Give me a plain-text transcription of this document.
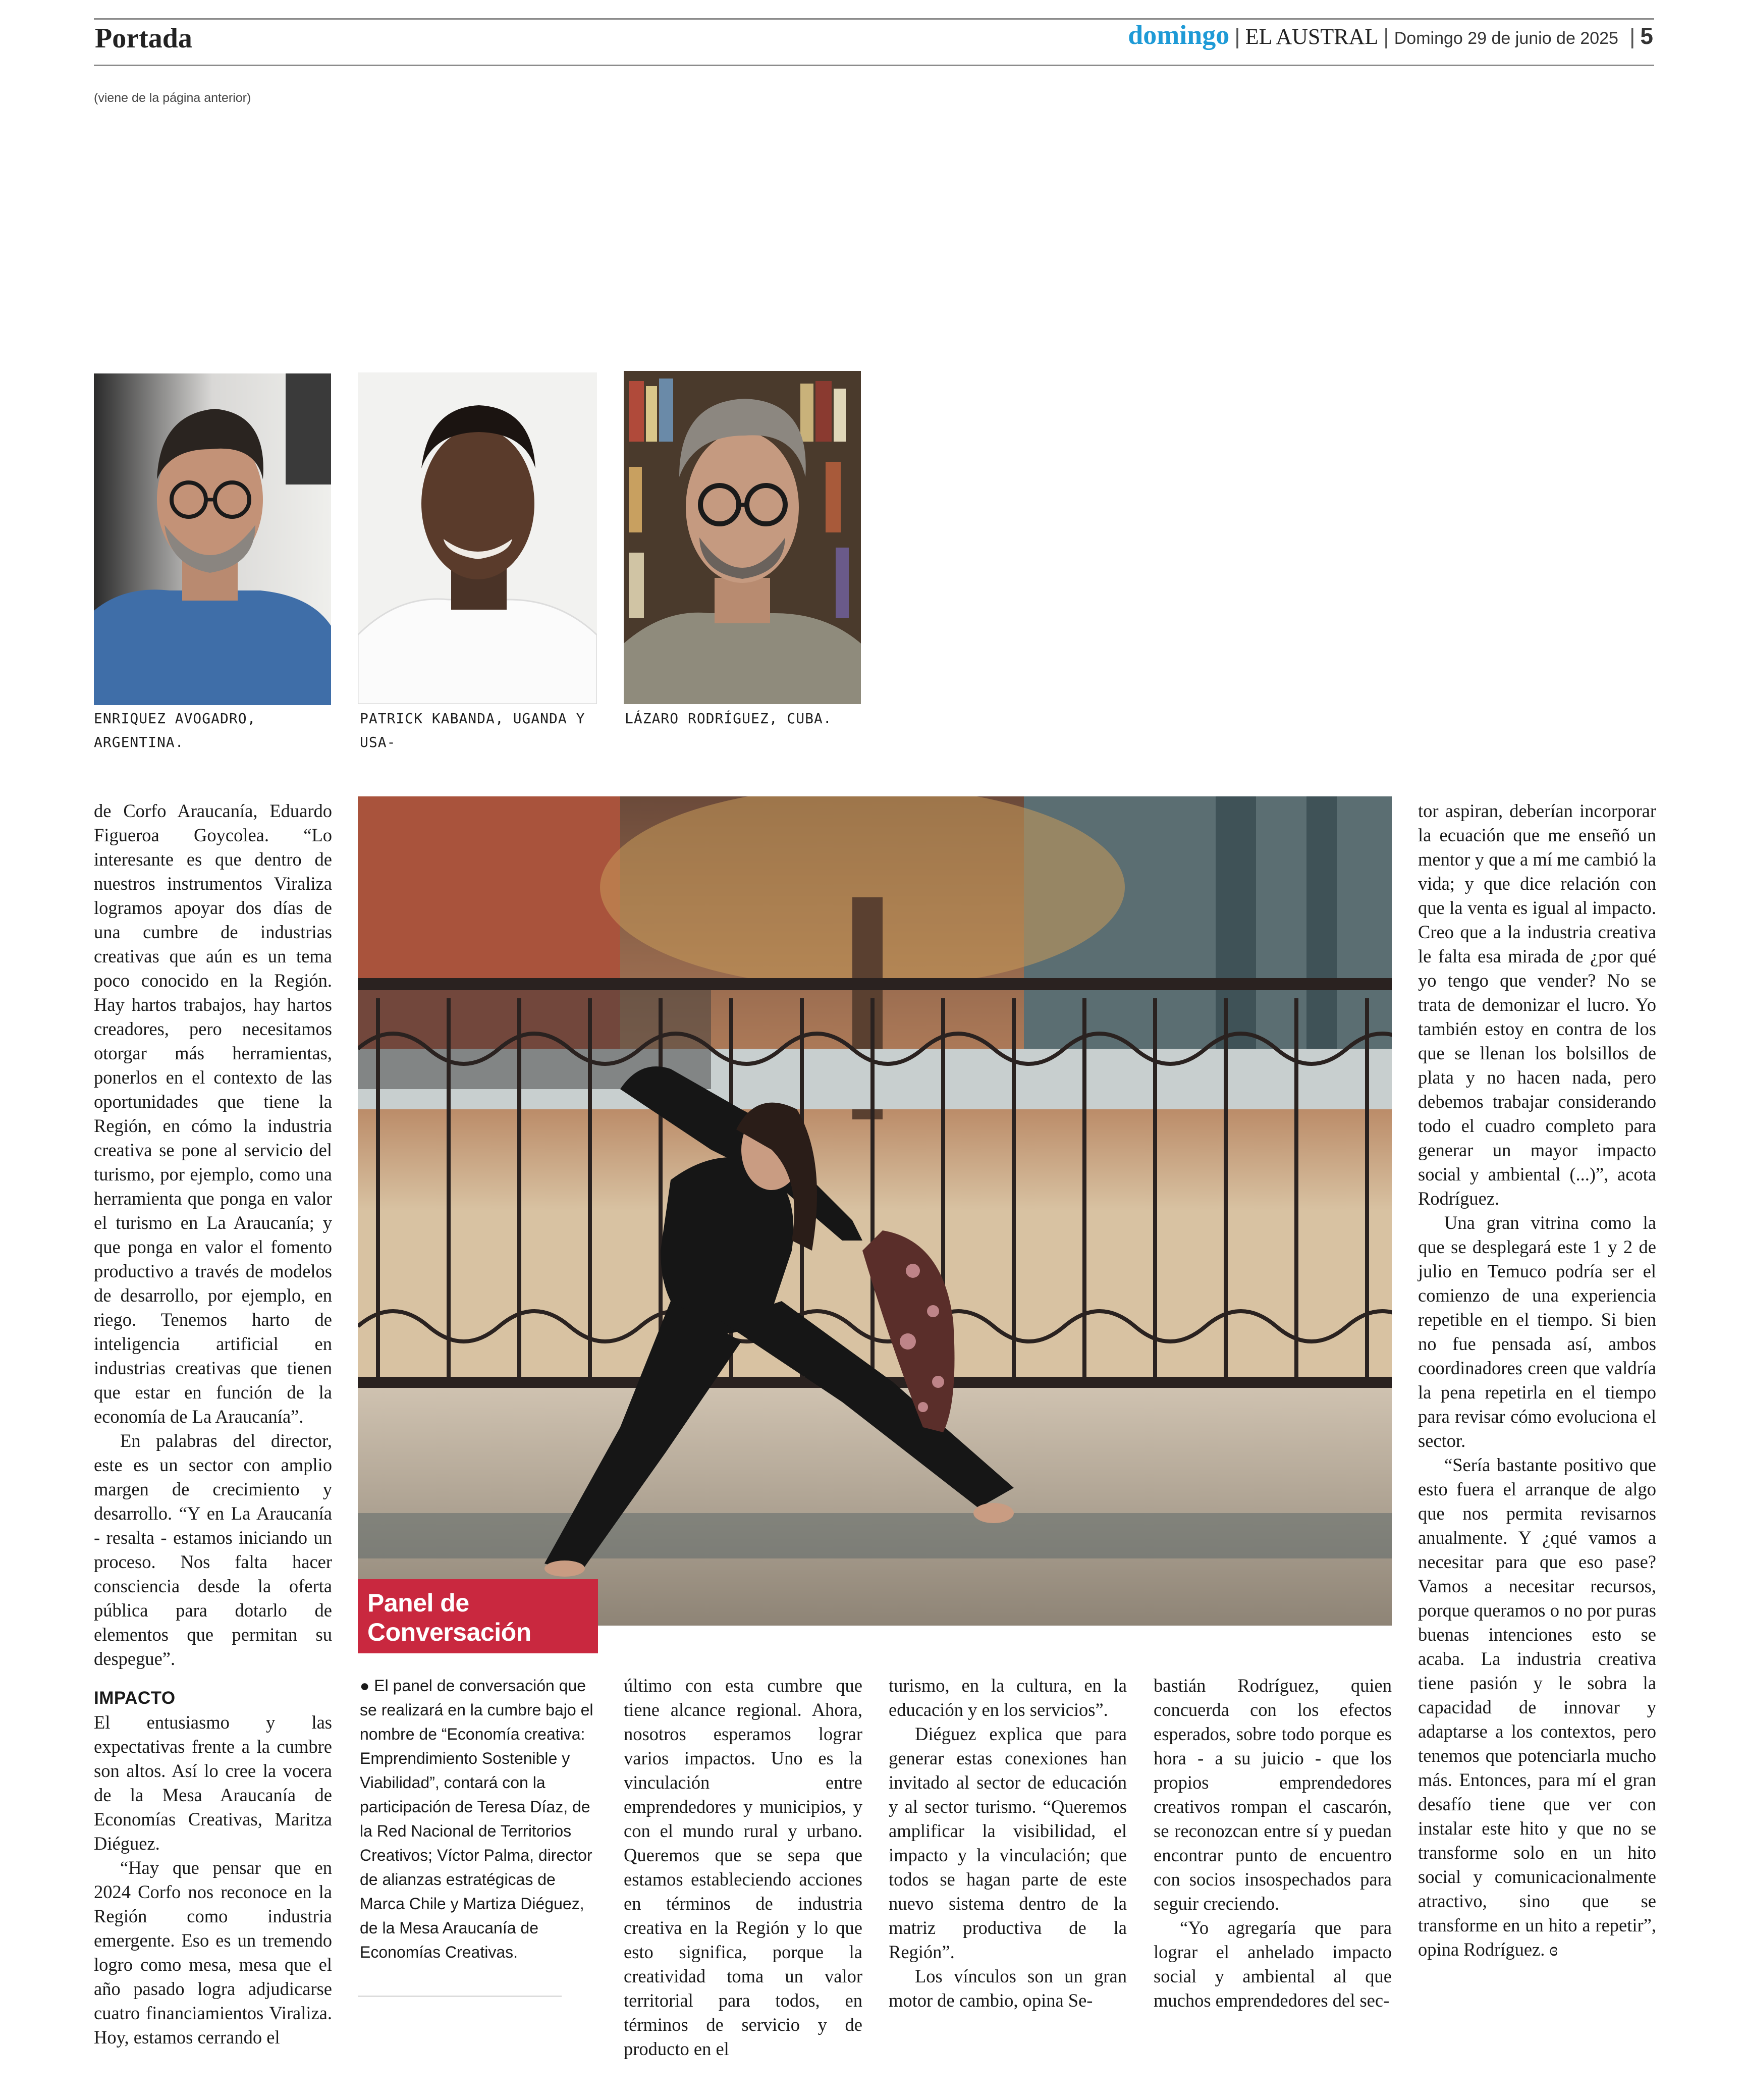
Portada	domingo | EL AUSTRAL | Domingo 29 de junio de 2025 | 5
(viene de la página anterior)
ENRIQUEZ AVOGADRO, ARGENTINA.
PATRICK KABANDA, UGANDA Y USA-
LÁZARO RODRÍGUEZ, CUBA.
Panel de
Conversación

de Corfo Araucanía, Eduardo Figueroa Goycolea. “Lo interesante es que dentro de nuestros instrumentos Viraliza logramos apoyar dos días de una cumbre de industrias creativas que aún es un tema poco conocido en la Región. Hay hartos trabajos, hay hartos creadores, pero necesitamos otorgar más herramientas, ponerlos en el contexto de las oportunidades que tiene la Región, en cómo la industria creativa se pone al servicio del turismo, por ejemplo, como una herramienta que ponga en valor el turismo en La Araucanía; y que ponga en valor el fomento productivo a través de modelos de desarrollo, por ejemplo, en riego. Tenemos harto de inteligencia artificial en industrias creativas que tienen que estar en función de la economía de La Araucanía”.

En palabras del director, este es un sector con amplio margen de crecimiento y desarrollo. “Y en La Araucanía - resalta - estamos iniciando un proceso. Nos falta hacer consciencia desde la oferta pública para dotarlo de elementos que permitan su despegue”.

IMPACTO

El entusiasmo y las expectativas frente a la cumbre son altos. Así lo cree la vocera de la Mesa Araucanía de Economías Creativas, Maritza Diéguez.

“Hay que pensar que en 2024 Corfo nos reconoce en la Región como industria emergente. Eso es un tremendo logro como mesa, mesa que el año pasado logra adjudicarse cuatro financiamientos Viraliza. Hoy, estamos cerrando el

● El panel de conversación que se realizará en la cumbre bajo el nombre de “Economía creativa: Emprendimiento Sostenible y Viabilidad”, contará con la participación de Teresa Díaz, de la Red Nacional de Territorios Creativos; Víctor Palma, director de alianzas estratégicas de Marca Chile y Martiza Diéguez, de la Mesa Araucanía de Economías Creativas.

último con esta cumbre que tiene alcance regional. Ahora, nosotros esperamos lograr varios impactos. Uno es la vinculación entre emprendedores y municipios, y con el mundo rural y urbano. Queremos que se sepa que estamos estableciendo acciones en términos de industria creativa en la Región y lo que esto significa, porque la creatividad toma un valor territorial para todos, en términos de servicio y de producto en el

turismo, en la cultura, en la educación y en los servicios”.

Diéguez explica que para generar estas conexiones han invitado al sector de educación y al sector turismo. “Queremos amplificar la visibilidad, el impacto y la vinculación; que todos se hagan parte de este nuevo sistema dentro de la matriz productiva de la Región”.

Los vínculos son un gran motor de cambio, opina Se-

bastián Rodríguez, quien concuerda con los efectos esperados, sobre todo porque es hora - a su juicio - que los propios emprendedores creativos rompan el cascarón, se reconozcan entre sí y puedan encontrar punto de encuentro con socios insospechados para seguir creciendo.

“Yo agregaría que para lograr el anhelado impacto social y ambiental al que muchos emprendedores del sec-

tor aspiran, deberían incorporar la ecuación que me enseñó un mentor y que a mí me cambió la vida; y que dice relación con que la venta es igual al impacto. Creo que a la industria creativa le falta esa mirada de ¿por qué yo tengo que vender? No se trata de demonizar el lucro. Yo también estoy en contra de los que se llenan los bolsillos de plata y no hacen nada, pero debemos trabajar considerando todo el cuadro completo para generar un mayor impacto social y ambiental (...)”, acota Rodríguez.

Una gran vitrina como la que se desplegará este 1 y 2 de julio en Temuco podría ser el comienzo de una experiencia repetible en el tiempo. Si bien no fue pensada así, ambos coordinadores creen que valdría la pena repetirla en el tiempo para revisar cómo evoluciona el sector.

“Sería bastante positivo que esto fuera el arranque de algo que nos permita revisarnos anualmente. Y ¿qué vamos a necesitar para que eso pase? Vamos a necesitar recursos, porque queramos o no por puras buenas intenciones esto se acaba. La industria creativa tiene pasión y le sobra la capacidad de innovar y adaptarse a los contextos, pero tenemos que potenciarla mucho más. Entonces, para mí el gran desafío tiene que ver con instalar este hito y que no se transforme solo en un hito social y comunicacionalmente atractivo, sino que se transforme en un hito a repetir”, opina Rodríguez. ɞ
